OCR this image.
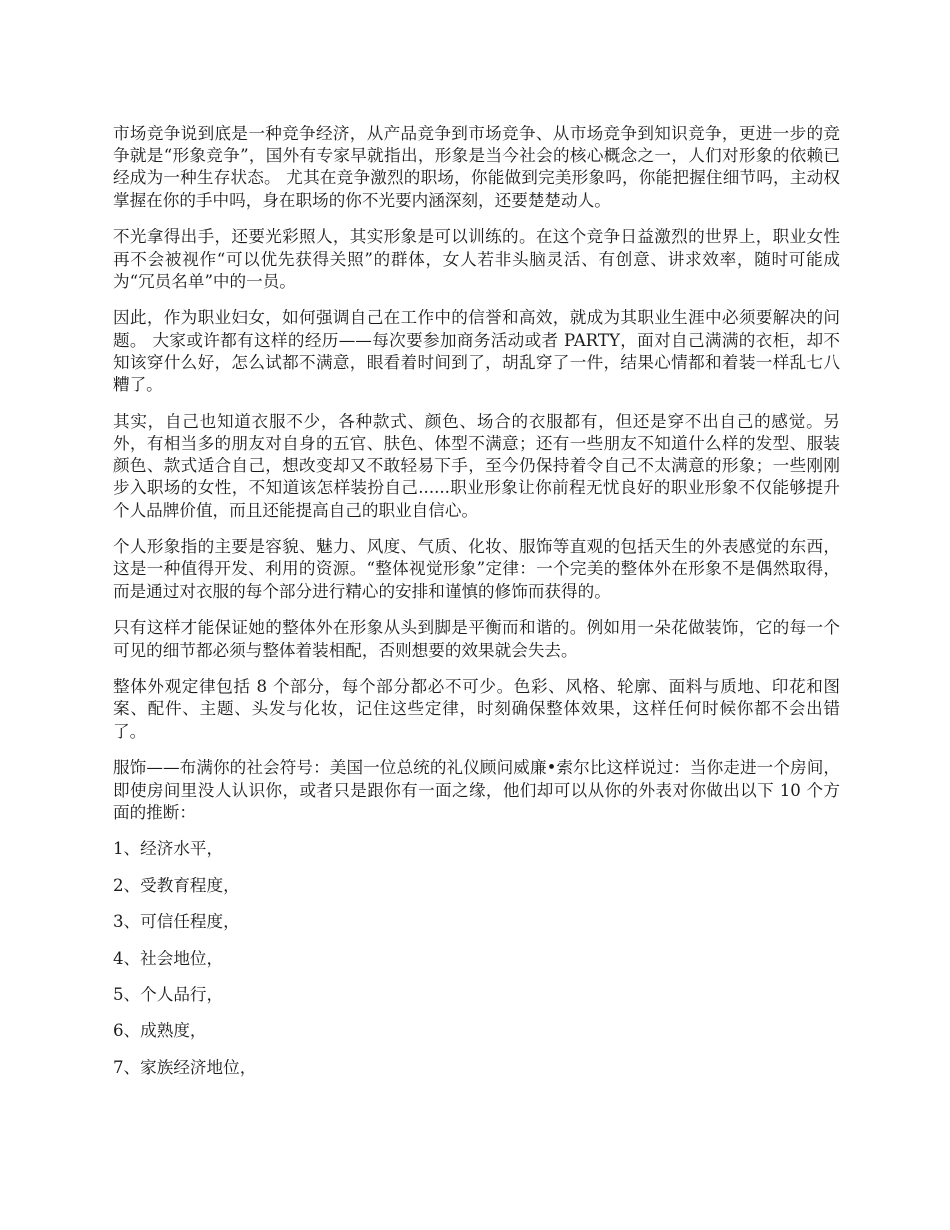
市场竞争说到底是一种竞争经济，从产品竞争到市场竞争、从市场竞争到知识竞争，更进一步的竞争就是“形象竞争”，国外有专家早就指出，形象是当今社会的核心概念之一，人们对形象的依赖已经成为一种生存状态。 尤其在竞争激烈的职场，你能做到完美形象吗，你能把握住细节吗，主动权掌握在你的手中吗，身在职场的你不光要内涵深刻，还要楚楚动人。

不光拿得出手，还要光彩照人，其实形象是可以训练的。在这个竞争日益激烈的世界上，职业女性再不会被视作“可以优先获得关照”的群体，女人若非头脑灵活、有创意、讲求效率，随时可能成为“冗员名单”中的一员。

因此，作为职业妇女，如何强调自己在工作中的信誉和高效，就成为其职业生涯中必须要解决的问题。 大家或许都有这样的经历——每次要参加商务活动或者 PARTY，面对自己满满的衣柜，却不知该穿什么好，怎么试都不满意，眼看着时间到了，胡乱穿了一件，结果心情都和着装一样乱七八糟了。

其实，自己也知道衣服不少，各种款式、颜色、场合的衣服都有，但还是穿不出自己的感觉。另外，有相当多的朋友对自身的五官、肤色、体型不满意；还有一些朋友不知道什么样的发型、服装颜色、款式适合自己，想改变却又不敢轻易下手，至今仍保持着令自己不太满意的形象；一些刚刚步入职场的女性，不知道该怎样装扮自己......职业形象让你前程无忧良好的职业形象不仅能够提升个人品牌价值，而且还能提高自己的职业自信心。

个人形象指的主要是容貌、魅力、风度、气质、化妆、服饰等直观的包括天生的外表感觉的东西，这是一种值得开发、利用的资源。“整体视觉形象”定律：一个完美的整体外在形象不是偶然取得，而是通过对衣服的每个部分进行精心的安排和谨慎的修饰而获得的。

只有这样才能保证她的整体外在形象从头到脚是平衡而和谐的。例如用一朵花做装饰，它的每一个可见的细节都必须与整体着装相配，否则想要的效果就会失去。

整体外观定律包括 8 个部分，每个部分都必不可少。色彩、风格、轮廓、面料与质地、印花和图案、配件、主题、头发与化妆，记住这些定律，时刻确保整体效果，这样任何时候你都不会出错了。

服饰——布满你的社会符号：美国一位总统的礼仪顾问威廉•索尔比这样说过：当你走进一个房间，即使房间里没人认识你，或者只是跟你有一面之缘，他们却可以从你的外表对你做出以下 10 个方面的推断：

1、经济水平，

2、受教育程度，

3、可信任程度，

4、社会地位，

5、个人品行，

6、成熟度，

7、家族经济地位，
